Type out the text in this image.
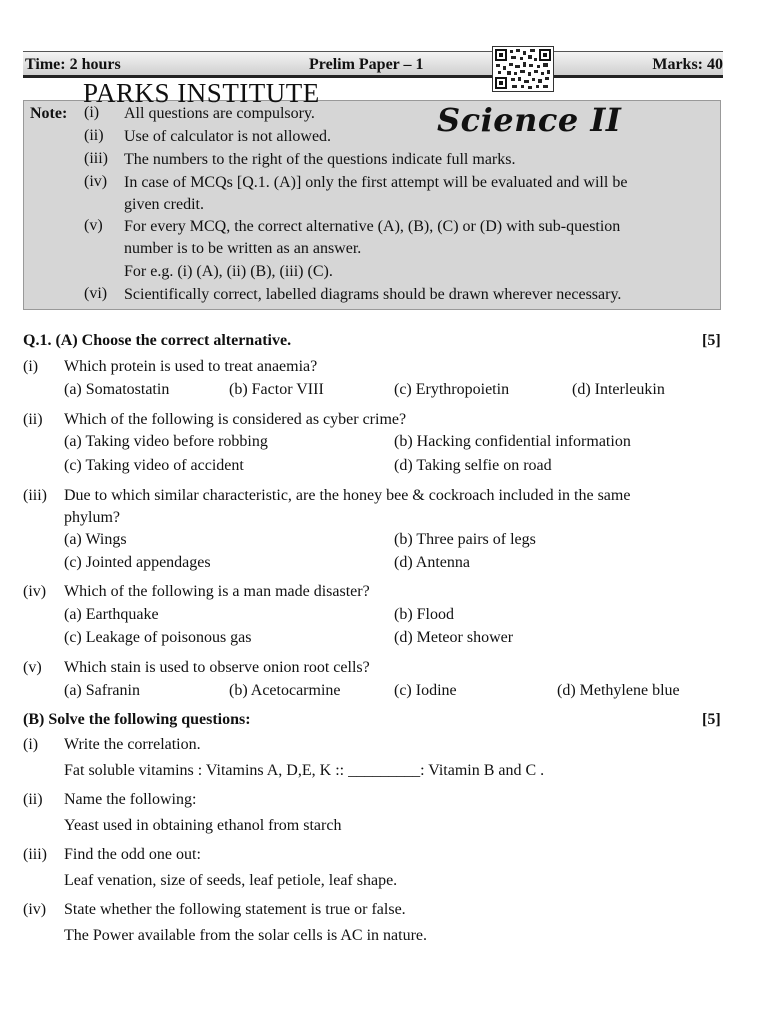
Time: 2 hours	Prelim Paper – 1	Marks: 40
PARKS INSTITUTE
Science II
Note: (i) All questions are compulsory.
(ii) Use of calculator is not allowed.
(iii) The numbers to the right of the questions indicate full marks.
(iv) In case of MCQs [Q.1. (A)] only the first attempt will be evaluated and will be
given credit.
(v) For every MCQ, the correct alternative (A), (B), (C) or (D) with sub-question
number is to be written as an answer.
For e.g. (i) (A), (ii) (B), (iii) (C).
(vi) Scientifically correct, labelled diagrams should be drawn wherever necessary.
Q.1. (A) Choose the correct alternative.	[5]
(i) Which protein is used to treat anaemia?
(a) Somatostatin	(b) Factor VIII	(c) Erythropoietin	(d) Interleukin
(ii) Which of the following is considered as cyber crime?
(a) Taking video before robbing	(b) Hacking confidential information
(c) Taking video of accident	(d) Taking selfie on road
(iii) Due to which similar characteristic, are the honey bee & cockroach included in the same
phylum?
(a) Wings	(b) Three pairs of legs
(c) Jointed appendages	(d) Antenna
(iv) Which of the following is a man made disaster?
(a) Earthquake	(b) Flood
(c) Leakage of poisonous gas	(d) Meteor shower
(v) Which stain is used to observe onion root cells?
(a) Safranin	(b) Acetocarmine	(c) Iodine	(d) Methylene blue
(B) Solve the following questions:	[5]
(i) Write the correlation.
Fat soluble vitamins : Vitamins A, D,E, K :: _________: Vitamin B and C .
(ii) Name the following:
Yeast used in obtaining ethanol from starch
(iii) Find the odd one out:
Leaf venation, size of seeds, leaf petiole, leaf shape.
(iv) State whether the following statement is true or false.
The Power available from the solar cells is AC in nature.
